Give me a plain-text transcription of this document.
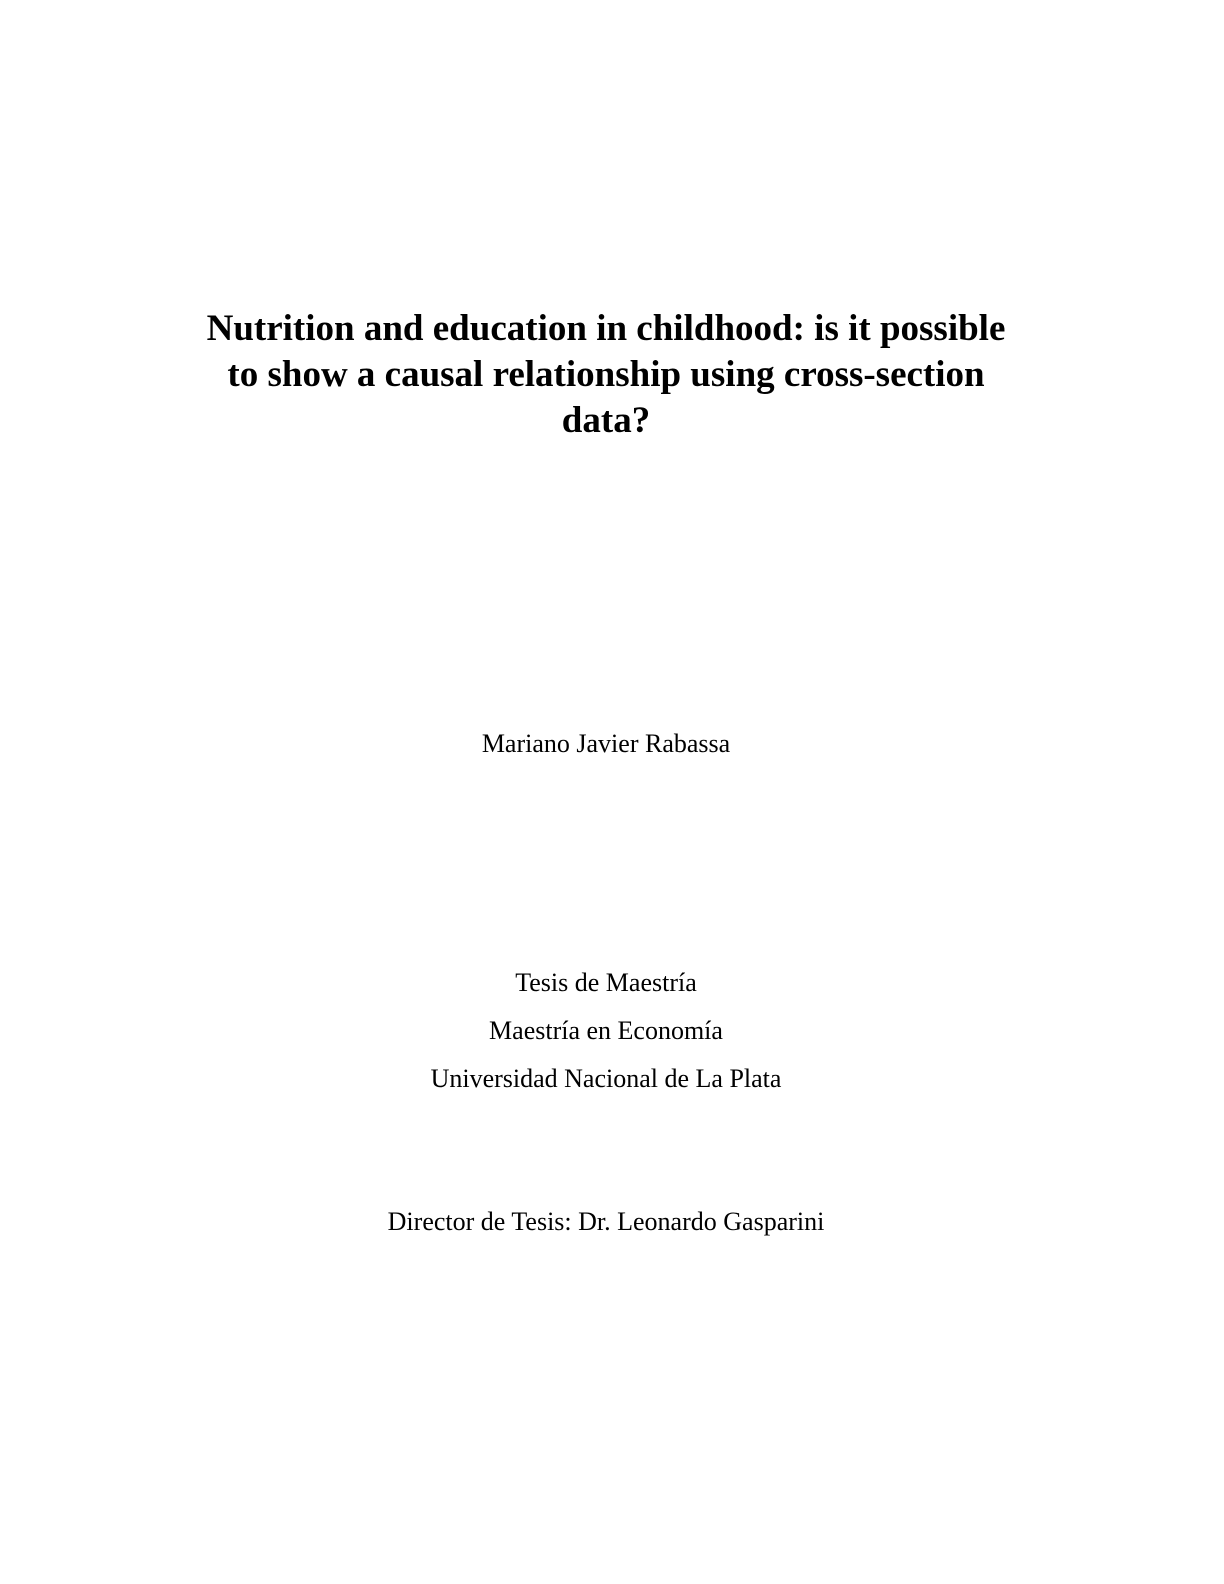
Nutrition and education in childhood: is it possible
to show a causal relationship using cross-section
data?
Mariano Javier Rabassa
Tesis de Maestría
Maestría en Economía
Universidad Nacional de La Plata
Director de Tesis: Dr. Leonardo Gasparini
